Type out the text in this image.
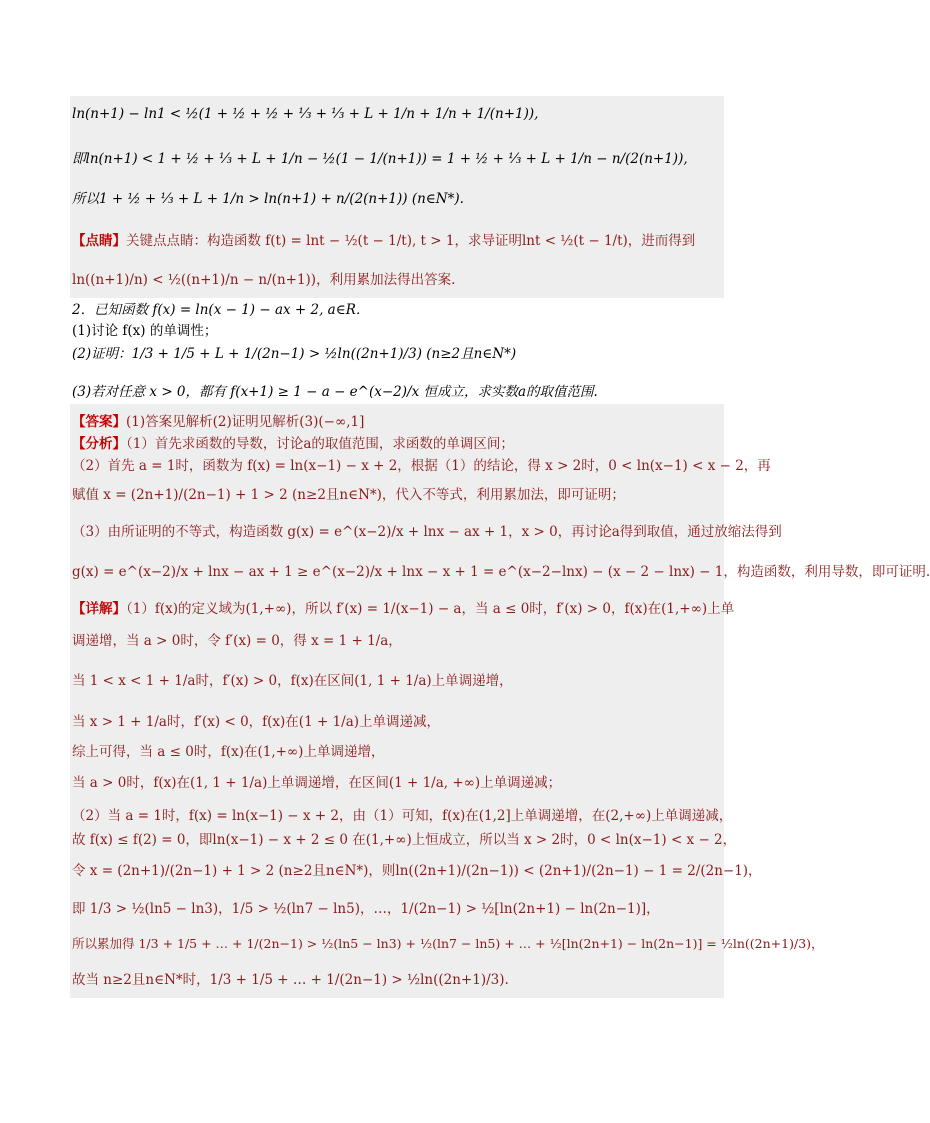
ln(n+1) − ln1 < ½(1 + ½ + ½ + ⅓ + ⅓ + L + 1/n + 1/n + 1/(n+1)),
即ln(n+1) < 1 + ½ + ⅓ + L + 1/n − ½(1 − 1/(n+1)) = 1 + ½ + ⅓ + L + 1/n − n/(2(n+1)),
所以1 + ½ + ⅓ + L + 1/n > ln(n+1) + n/(2(n+1)) (n∈N*).
【点睛】关键点点睛：构造函数 f(t) = lnt − ½(t − 1/t), t > 1，求导证明lnt < ½(t − 1/t)，进而得到
ln((n+1)/n) < ½((n+1)/n − n/(n+1))，利用累加法得出答案.
2．已知函数 f(x) = ln(x − 1) − ax + 2, a∈R．
(1)讨论 f(x) 的单调性；
(2)证明：1/3 + 1/5 + L + 1/(2n−1) > ½ln((2n+1)/3) (n≥2且n∈N*)
(3)若对任意 x > 0，都有 f(x+1) ≥ 1 − a − e^(x−2)/x 恒成立，求实数a的取值范围.
【答案】(1)答案见解析(2)证明见解析(3)(−∞,1]
【分析】（1）首先求函数的导数，讨论a的取值范围，求函数的单调区间；
（2）首先 a = 1时，函数为 f(x) = ln(x−1) − x + 2，根据（1）的结论，得 x > 2时，0 < ln(x−1) < x − 2，再
赋值 x = (2n+1)/(2n−1) + 1 > 2 (n≥2且n∈N*)，代入不等式，利用累加法，即可证明；
（3）由所证明的不等式，构造函数 g(x) = e^(x−2)/x + lnx − ax + 1，x > 0，再讨论a得到取值，通过放缩法得到
g(x) = e^(x−2)/x + lnx − ax + 1 ≥ e^(x−2)/x + lnx − x + 1 = e^(x−2−lnx) − (x − 2 − lnx) − 1，构造函数，利用导数，即可证明.
【详解】（1）f(x)的定义域为(1,+∞)，所以 f′(x) = 1/(x−1) − a，当 a ≤ 0时，f′(x) > 0，f(x)在(1,+∞)上单
调递增，当 a > 0时，令 f′(x) = 0，得 x = 1 + 1/a，
当 1 < x < 1 + 1/a时，f′(x) > 0，f(x)在区间(1, 1 + 1/a)上单调递增，
当 x > 1 + 1/a时，f′(x) < 0，f(x)在(1 + 1/a)上单调递减，
综上可得，当 a ≤ 0时，f(x)在(1,+∞)上单调递增，
当 a > 0时，f(x)在(1, 1 + 1/a)上单调递增，在区间(1 + 1/a, +∞)上单调递减；
（2）当 a = 1时，f(x) = ln(x−1) − x + 2，由（1）可知，f(x)在(1,2]上单调递增，在(2,+∞)上单调递减，
故 f(x) ≤ f(2) = 0，即ln(x−1) − x + 2 ≤ 0 在(1,+∞)上恒成立，所以当 x > 2时，0 < ln(x−1) < x − 2，
令 x = (2n+1)/(2n−1) + 1 > 2 (n≥2且n∈N*)，则ln((2n+1)/(2n−1)) < (2n+1)/(2n−1) − 1 = 2/(2n−1)，
即 1/3 > ½(ln5 − ln3)，1/5 > ½(ln7 − ln5)，…，1/(2n−1) > ½[ln(2n+1) − ln(2n−1)]，
所以累加得 1/3 + 1/5 + … + 1/(2n−1) > ½(ln5 − ln3) + ½(ln7 − ln5) + … + ½[ln(2n+1) − ln(2n−1)] = ½ln((2n+1)/3)，
故当 n≥2且n∈N*时，1/3 + 1/5 + … + 1/(2n−1) > ½ln((2n+1)/3).
